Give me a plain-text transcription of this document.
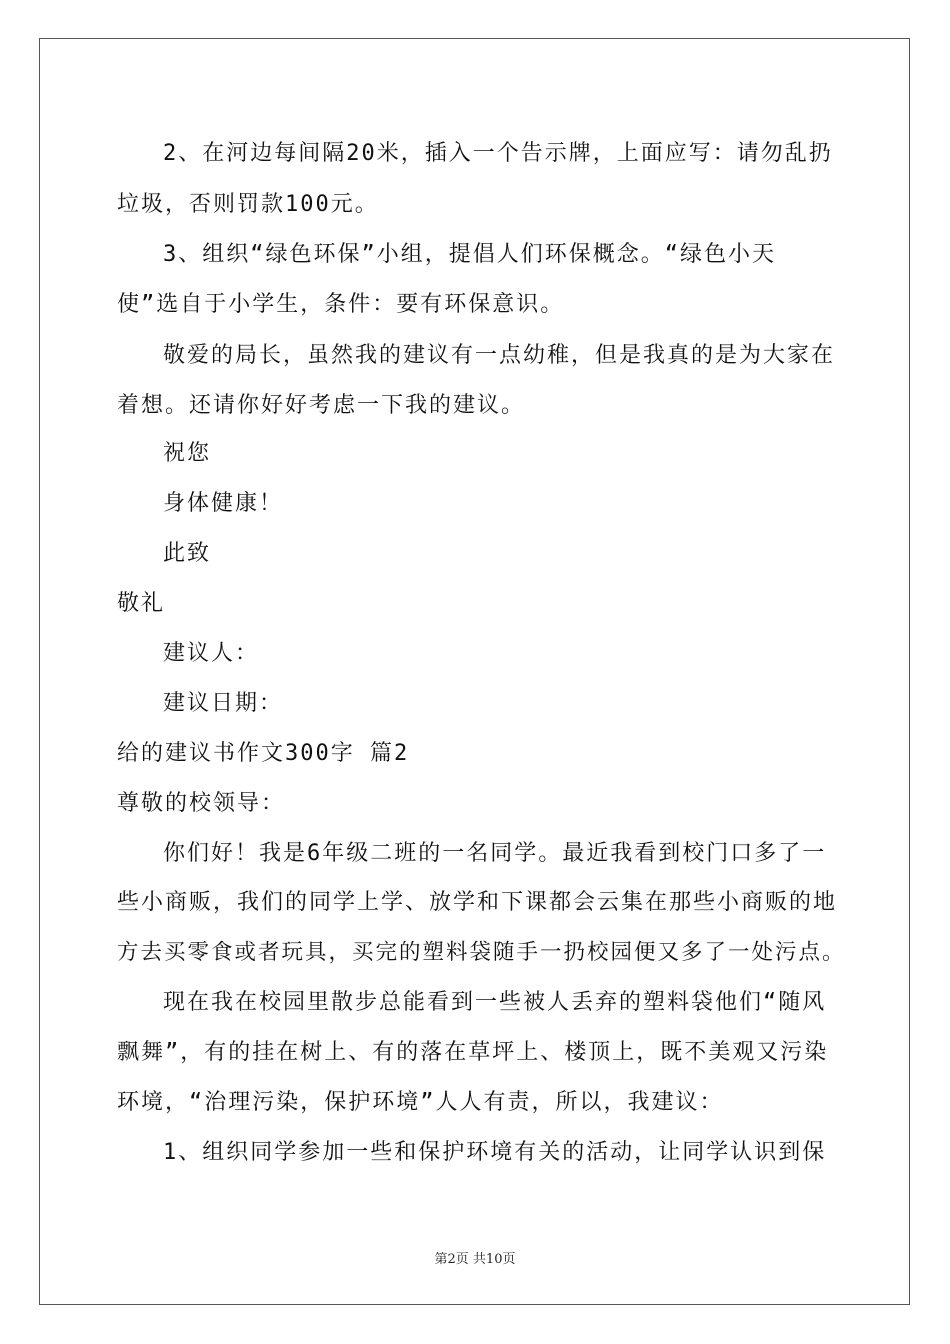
2、在河边每间隔20米，插入一个告示牌，上面应写：请勿乱扔
垃圾，否则罚款100元。
3、组织“绿色环保”小组，提倡人们环保概念。“绿色小天
使”选自于小学生，条件：要有环保意识。
敬爱的局长，虽然我的建议有一点幼稚，但是我真的是为大家在
着想。还请你好好考虑一下我的建议。
祝您
身体健康！
此致
敬礼
建议人：
建议日期：
给的建议书作文300字 篇2
尊敬的校领导：
你们好！我是6年级二班的一名同学。最近我看到校门口多了一
些小商贩，我们的同学上学、放学和下课都会云集在那些小商贩的地
方去买零食或者玩具，买完的塑料袋随手一扔校园便又多了一处污点。
现在我在校园里散步总能看到一些被人丢弃的塑料袋他们“随风
飘舞”，有的挂在树上、有的落在草坪上、楼顶上，既不美观又污染
环境，“治理污染，保护环境”人人有责，所以，我建议：
1、组织同学参加一些和保护环境有关的活动，让同学认识到保
第2页 共10页
